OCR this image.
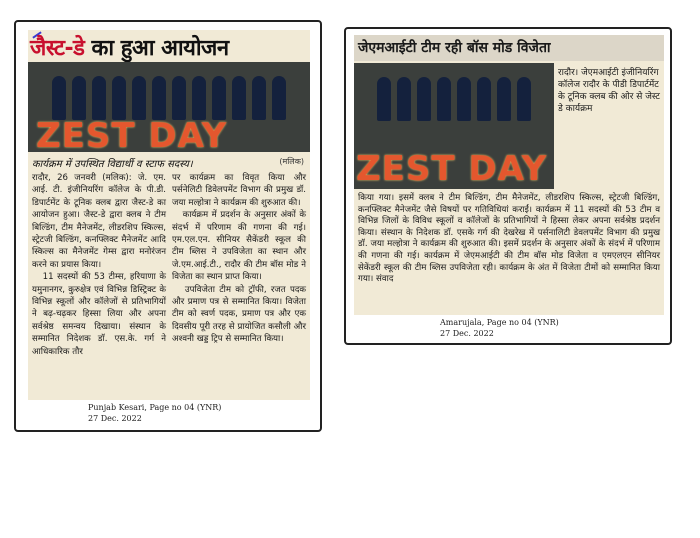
जैस्ट-डे का हुआ आयोजन
ZEST DAY
कार्यक्रम में उपस्थित विद्यार्थी व स्टाफ सदस्य।	(मलिक)
रादौर, 26 जनवरी (मलिक): जे. एम. आई. टी. इंजीनियरिंग कॉलेज के पी.डी. डिपार्टमेंट के टूनिक क्लब द्वारा जैस्ट-डे का आयोजन हुआ। जैस्ट-डे द्वारा क्लब ने टीम बिल्डिंग, टीम मैनेजमेंट, लीडरशिप स्किल्स, स्ट्रेटजी बिल्डिंग, कनफ्लिक्ट मैनेजमेंट आदि स्किल्स का मैनेजमेंट गेम्स द्वारा मनोरंजन करने का प्रयास किया।
11 सदस्यों की 53 टीम्स, हरियाणा के यमुनानगर, कुरुक्षेत्र एवं विभिन्न डिस्ट्रिक्ट के विभिन्न स्कूलों और कॉलेजों से प्रतिभागियों ने बढ़-चढ़कर हिस्सा लिया और अपना सर्वश्रेष्ठ समन्वय दिखाया। संस्थान के सम्मानित निदेशक डॉ. एस.के. गर्ग ने आधिकारिक तौर
पर कार्यक्रम का विवृत किया और पर्सनेलिटी डिवेलपमेंट विभाग की प्रमुख डॉ. जया मल्होत्रा ने कार्यक्रम की शुरुआत की।
कार्यक्रम में प्रदर्शन के अनुसार अंकों के संदर्भ में परिणाम की गणना की गई। एम.एल.एन. सीनियर सैकेंडरी स्कूल की टीम ब्लिस ने उपविजेता का स्थान और जे.एम.आई.टी., रादौर की टीम बॉस मोड ने विजेता का स्थान प्राप्त किया।
उपविजेता टीम को ट्रॉफी, रजत पदक और प्रमाण पत्र से सम्मानित किया। विजेता टीम को स्वर्ण पदक, प्रमाण पत्र और एक दिवसीय पूरी तरह से प्रायोजित कसौली और अश्वनी खड्ड ट्रिप से सम्मानित किया।
Punjab Kesari, Page no 04 (YNR)
27 Dec. 2022
जेएमआईटी टीम रही बॉस मोड विजेता
ZEST DAY
रादौर। जेएमआईटी इंजीनियरिंग कॉलेज रादौर के पीडी डिपार्टमेंट के टूनिक क्लब की ओर से जेस्ट डे कार्यक्रम
किया गया। इसमें क्लब ने टीम बिल्डिंग, टीम मैनेजमेंट, लीडरशिप स्किल्स, स्ट्रेटजी बिल्डिंग, कनफ्लिक्ट मैनेजमेंट जैसे विषयों पर गतिविधियां कराईं। कार्यक्रम में 11 सदस्यों की 53 टीम व विभिन्न जिलों के विविध स्कूलों व कॉलेजों के प्रतिभागियों ने हिस्सा लेकर अपना सर्वश्रेष्ठ प्रदर्शन किया। संस्थान के निदेशक डॉ. एसके गर्ग की देखरेख में पर्सनालिटी डेवलपमेंट विभाग की प्रमुख डॉ. जया मल्होत्रा ने कार्यक्रम की शुरुआत की। इसमें प्रदर्शन के अनुसार अंकों के संदर्भ में परिणाम की गणना की गई। कार्यक्रम में जेएमआईटी की टीम बॉस मोड विजेता व एमएलएन सीनियर सेकेंडरी स्कूल की टीम ब्लिस उपविजेता रही। कार्यक्रम के अंत में विजेता टीमों को सम्मानित किया गया। संवाद
Amarujala, Page no 04 (YNR)
27 Dec. 2022
